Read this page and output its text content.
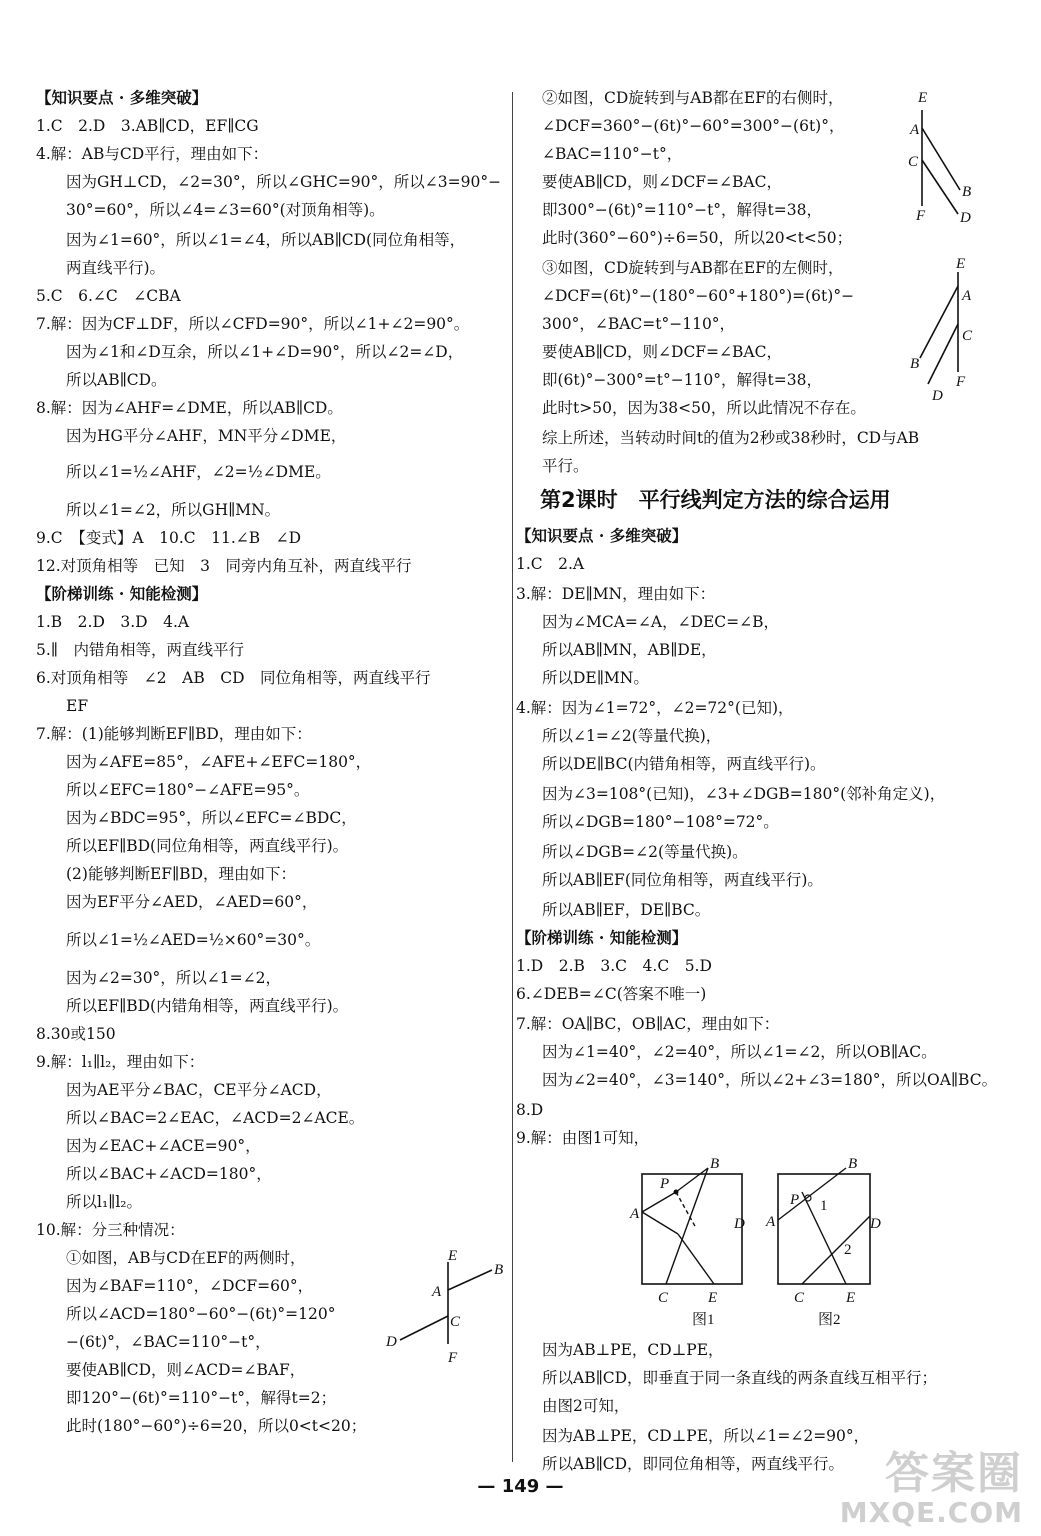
第2课时　平行线判定方法的综合运用
E
B
A
C
D
F
E
A
C
B
F D
E
A
C
B
F
D
B
P
A
D
C	E
图1
B
P 1
A	D
2
C	E
图2
— 149 —	答案圈
MXQE.COM
【知识要点 · 多维突破】
1.C　2.D　3.AB∥CD，EF∥CG
4.解：AB与CD平行，理由如下：
因为GH⊥CD，∠2=30°，所以∠GHC=90°，所以∠3=90°−
30°=60°，所以∠4=∠3=60°(对顶角相等)。
因为∠1=60°，所以∠1=∠4，所以AB∥CD(同位角相等，
两直线平行)。
5.C　6.∠C　∠CBA
7.解：因为CF⊥DF，所以∠CFD=90°，所以∠1+∠2=90°。
因为∠1和∠D互余，所以∠1+∠D=90°，所以∠2=∠D，
所以AB∥CD。
8.解：因为∠AHF=∠DME，所以AB∥CD。
因为HG平分∠AHF，MN平分∠DME，
所以∠1=½∠AHF，∠2=½∠DME。
所以∠1=∠2，所以GH∥MN。
9.C　【变式】A　10.C　11.∠B　∠D
12.对顶角相等　已知　3　同旁内角互补，两直线平行
【阶梯训练 · 知能检测】
1.B　2.D　3.D　4.A
5.∥　内错角相等，两直线平行
6.对顶角相等　∠2　AB　CD　同位角相等，两直线平行
EF
7.解：(1)能够判断EF∥BD，理由如下：
因为∠AFE=85°，∠AFE+∠EFC=180°，
所以∠EFC=180°−∠AFE=95°。
因为∠BDC=95°，所以∠EFC=∠BDC，
所以EF∥BD(同位角相等，两直线平行)。
(2)能够判断EF∥BD，理由如下：
因为EF平分∠AED，∠AED=60°，
所以∠1=½∠AED=½×60°=30°。
因为∠2=30°，所以∠1=∠2，
所以EF∥BD(内错角相等，两直线平行)。
8.30或150
9.解：l₁∥l₂，理由如下：
因为AE平分∠BAC，CE平分∠ACD，
所以∠BAC=2∠EAC，∠ACD=2∠ACE。
因为∠EAC+∠ACE=90°，
所以∠BAC+∠ACD=180°，
所以l₁∥l₂。
10.解：分三种情况：
①如图，AB与CD在EF的两侧时，
因为∠BAF=110°，∠DCF=60°，
所以∠ACD=180°−60°−(6t)°=120°
−(6t)°，∠BAC=110°−t°，
要使AB∥CD，则∠ACD=∠BAF，
即120°−(6t)°=110°−t°，解得t=2；
此时(180°−60°)÷6=20，所以0<t<20；
②如图，CD旋转到与AB都在EF的右侧时，
∠DCF=360°−(6t)°−60°=300°−(6t)°，
∠BAC=110°−t°，
要使AB∥CD，则∠DCF=∠BAC，
即300°−(6t)°=110°−t°，解得t=38，
此时(360°−60°)÷6=50，所以20<t<50；
③如图，CD旋转到与AB都在EF的左侧时，
∠DCF=(6t)°−(180°−60°+180°)=(6t)°−
300°，∠BAC=t°−110°，
要使AB∥CD，则∠DCF=∠BAC，
即(6t)°−300°=t°−110°，解得t=38，
此时t>50，因为38<50，所以此情况不存在。
综上所述，当转动时间t的值为2秒或38秒时，CD与AB
平行。
【知识要点 · 多维突破】
1.C　2.A
3.解：DE∥MN，理由如下：
因为∠MCA=∠A，∠DEC=∠B，
所以AB∥MN，AB∥DE，
所以DE∥MN。
4.解：因为∠1=72°，∠2=72°(已知)，
所以∠1=∠2(等量代换)，
所以DE∥BC(内错角相等，两直线平行)。
因为∠3=108°(已知)，∠3+∠DGB=180°(邻补角定义)，
所以∠DGB=180°−108°=72°。
所以∠DGB=∠2(等量代换)。
所以AB∥EF(同位角相等，两直线平行)。
所以AB∥EF，DE∥BC。
【阶梯训练 · 知能检测】
1.D　2.B　3.C　4.C　5.D
6.∠DEB=∠C(答案不唯一)
7.解：OA∥BC，OB∥AC，理由如下：
因为∠1=40°，∠2=40°，所以∠1=∠2，所以OB∥AC。
因为∠2=40°，∠3=140°，所以∠2+∠3=180°，所以OA∥BC。
8.D
9.解：由图1可知，
因为AB⊥PE，CD⊥PE，
所以AB∥CD，即垂直于同一条直线的两条直线互相平行；
由图2可知，
因为AB⊥PE，CD⊥PE，所以∠1=∠2=90°，
所以AB∥CD，即同位角相等，两直线平行。
